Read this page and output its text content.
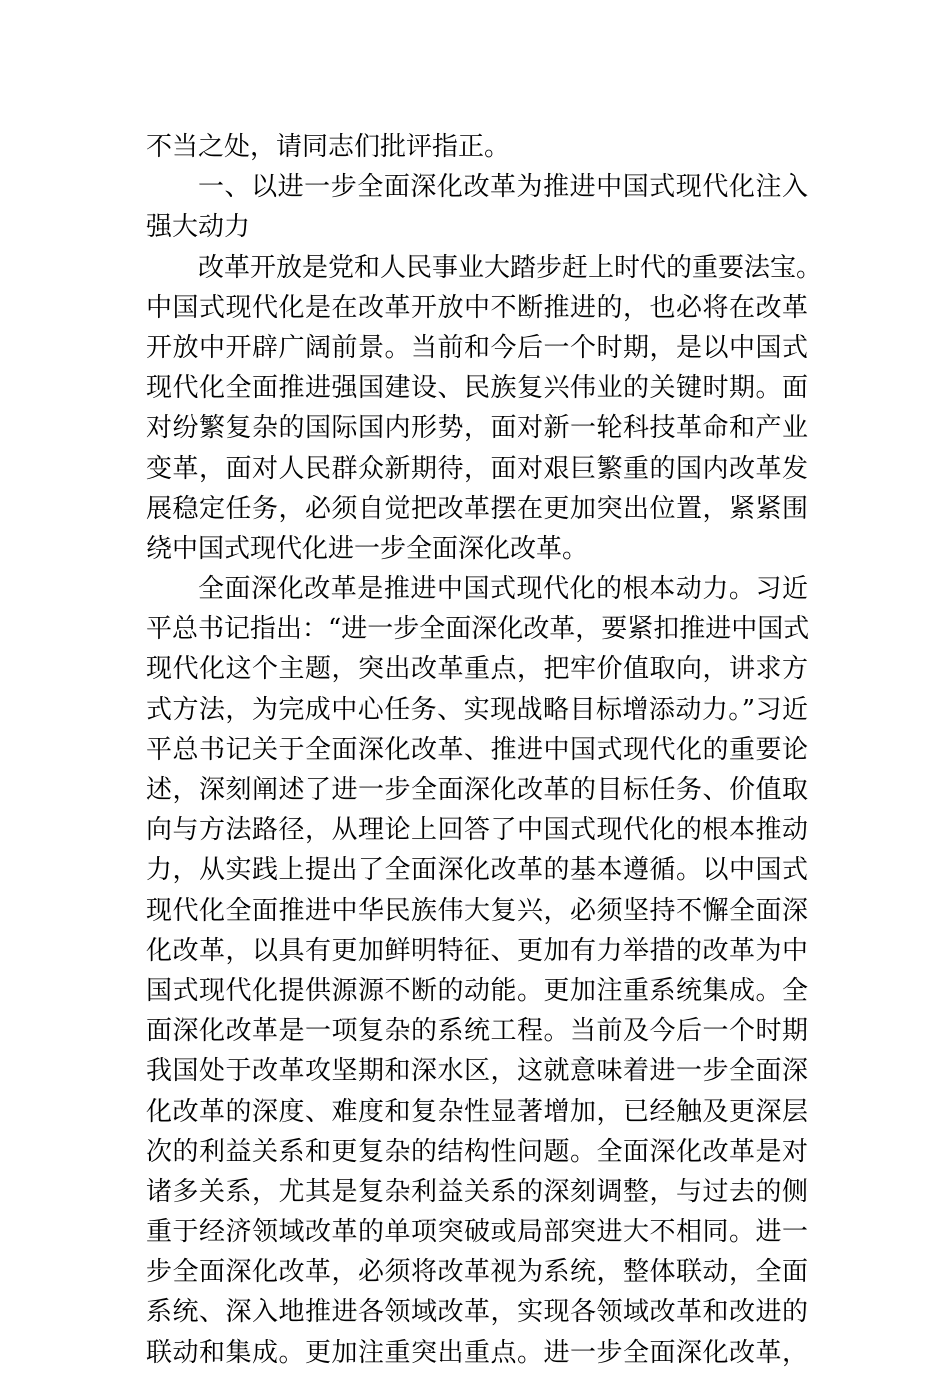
不当之处，请同志们批评指正。
一、以进一步全面深化改革为推进中国式现代化注入
强大动力
改革开放是党和人民事业大踏步赶上时代的重要法宝。
中国式现代化是在改革开放中不断推进的，也必将在改革
开放中开辟广阔前景。当前和今后一个时期，是以中国式
现代化全面推进强国建设、民族复兴伟业的关键时期。面
对纷繁复杂的国际国内形势，面对新一轮科技革命和产业
变革，面对人民群众新期待，面对艰巨繁重的国内改革发
展稳定任务，必须自觉把改革摆在更加突出位置，紧紧围
绕中国式现代化进一步全面深化改革。
全面深化改革是推进中国式现代化的根本动力。习近
平总书记指出：“进一步全面深化改革，要紧扣推进中国式
现代化这个主题，突出改革重点，把牢价值取向，讲求方
式方法，为完成中心任务、实现战略目标增添动力。”习近
平总书记关于全面深化改革、推进中国式现代化的重要论
述，深刻阐述了进一步全面深化改革的目标任务、价值取
向与方法路径，从理论上回答了中国式现代化的根本推动
力，从实践上提出了全面深化改革的基本遵循。以中国式
现代化全面推进中华民族伟大复兴，必须坚持不懈全面深
化改革，以具有更加鲜明特征、更加有力举措的改革为中
国式现代化提供源源不断的动能。更加注重系统集成。全
面深化改革是一项复杂的系统工程。当前及今后一个时期
我国处于改革攻坚期和深水区，这就意味着进一步全面深
化改革的深度、难度和复杂性显著增加，已经触及更深层
次的利益关系和更复杂的结构性问题。全面深化改革是对
诸多关系，尤其是复杂利益关系的深刻调整，与过去的侧
重于经济领域改革的单项突破或局部突进大不相同。进一
步全面深化改革，必须将改革视为系统，整体联动，全面
系统、深入地推进各领域改革，实现各领域改革和改进的
联动和集成。更加注重突出重点。进一步全面深化改革，
